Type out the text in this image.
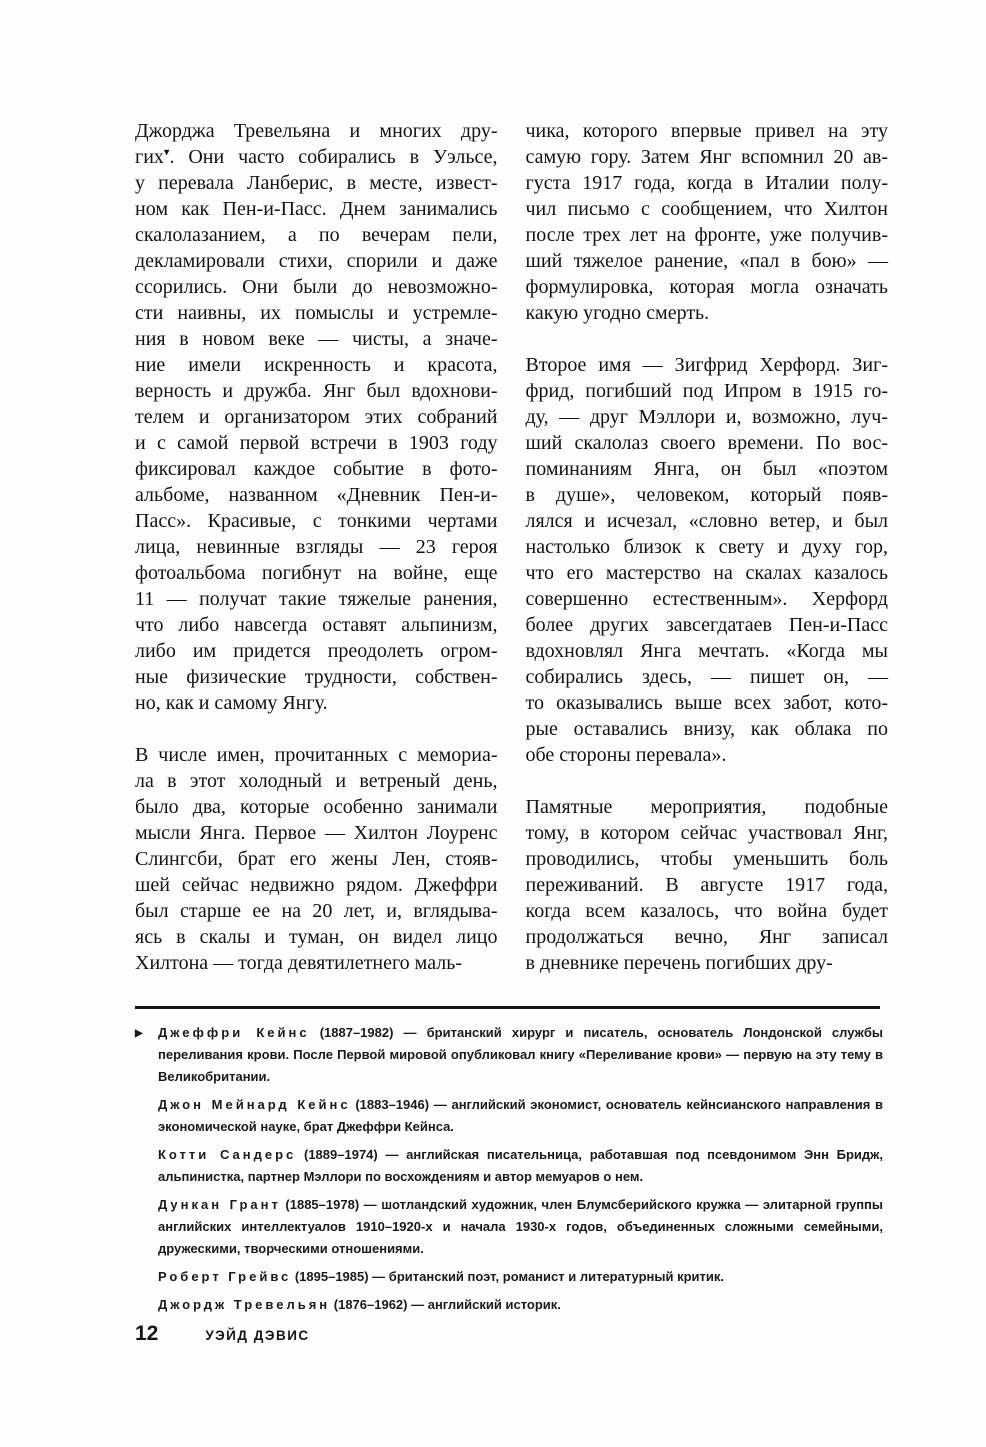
Джорджа Тревельяна и многих дру-
гих▾. Они часто собирались в Уэльсе,
у перевала Ланберис, в месте, извест-
ном как Пен-и-Пасс. Днем занимались
скалолазанием, а по вечерам пели,
декламировали стихи, спорили и даже
ссорились. Они были до невозможно-
сти наивны, их помыслы и устремле-
ния в новом веке — чисты, а значе-
ние имели искренность и красота,
верность и дружба. Янг был вдохнови-
телем и организатором этих собраний
и с самой первой встречи в 1903 году
фиксировал каждое событие в фото-
альбоме, названном «Дневник Пен-и-
Пасс». Красивые, с тонкими чертами
лица, невинные взгляды — 23 героя
фотоальбома погибнут на войне, еще
11 — получат такие тяжелые ранения,
что либо навсегда оставят альпинизм,
либо им придется преодолеть огром-
ные физические трудности, собствен-
но, как и самому Янгу.
В числе имен, прочитанных с мемориа-
ла в этот холодный и ветреный день,
было два, которые особенно занимали
мысли Янга. Первое — Хилтон Лоуренс
Слингсби, брат его жены Лен, стояв-
шей сейчас недвижно рядом. Джеффри
был старше ее на 20 лет, и, вглядыва-
ясь в скалы и туман, он видел лицо
Хилтона — тогда девятилетнего маль-
чика, которого впервые привел на эту
самую гору. Затем Янг вспомнил 20 ав-
густа 1917 года, когда в Италии полу-
чил письмо с сообщением, что Хилтон
после трех лет на фронте, уже получив-
ший тяжелое ранение, «пал в бою» —
формулировка, которая могла означать
какую угодно смерть.
Второе имя — Зигфрид Херфорд. Зиг-
фрид, погибший под Ипром в 1915 го-
ду, — друг Мэллори и, возможно, луч-
ший скалолаз своего времени. По вос-
поминаниям Янга, он был «поэтом
в душе», человеком, который появ-
лялся и исчезал, «словно ветер, и был
настолько близок к свету и духу гор,
что его мастерство на скалах казалось
совершенно естественным». Херфорд
более других завсегдатаев Пен-и-Пасс
вдохновлял Янга мечтать. «Когда мы
собирались здесь, — пишет он, —
то оказывались выше всех забот, кото-
рые оставались внизу, как облака по
обе стороны перевала».
Памятные мероприятия, подобные
тому, в котором сейчас участвовал Янг,
проводились, чтобы уменьшить боль
переживаний. В августе 1917 года,
когда всем казалось, что война будет
продолжаться вечно, Янг записал
в дневнике перечень погибших дру-
▶ Джеффри Кейнс (1887–1982) — британский хирург и писатель, основатель Лондонской службы переливания крови. После Первой мировой опубликовал книгу «Переливание крови» — первую на эту тему в Великобритании.
Джон Мейнард Кейнс (1883–1946) — английский экономист, основатель кейнсианского направления в экономической науке, брат Джеффри Кейнса.
Котти Сандерс (1889–1974) — английская писательница, работавшая под псевдонимом Энн Бридж, альпинистка, партнер Мэллори по восхождениям и автор мемуаров о нем.
Дункан Грант (1885–1978) — шотландский художник, член Блумсберийского кружка — элитарной группы английских интеллектуалов 1910–1920-х и начала 1930-х годов, объединенных сложными семейными, дружескими, творческими отношениями.
Роберт Грейвс (1895–1985) — британский поэт, романист и литературный критик.
Джордж Тревельян (1876–1962) — английский историк.
12	УЭЙД ДЭВИС
